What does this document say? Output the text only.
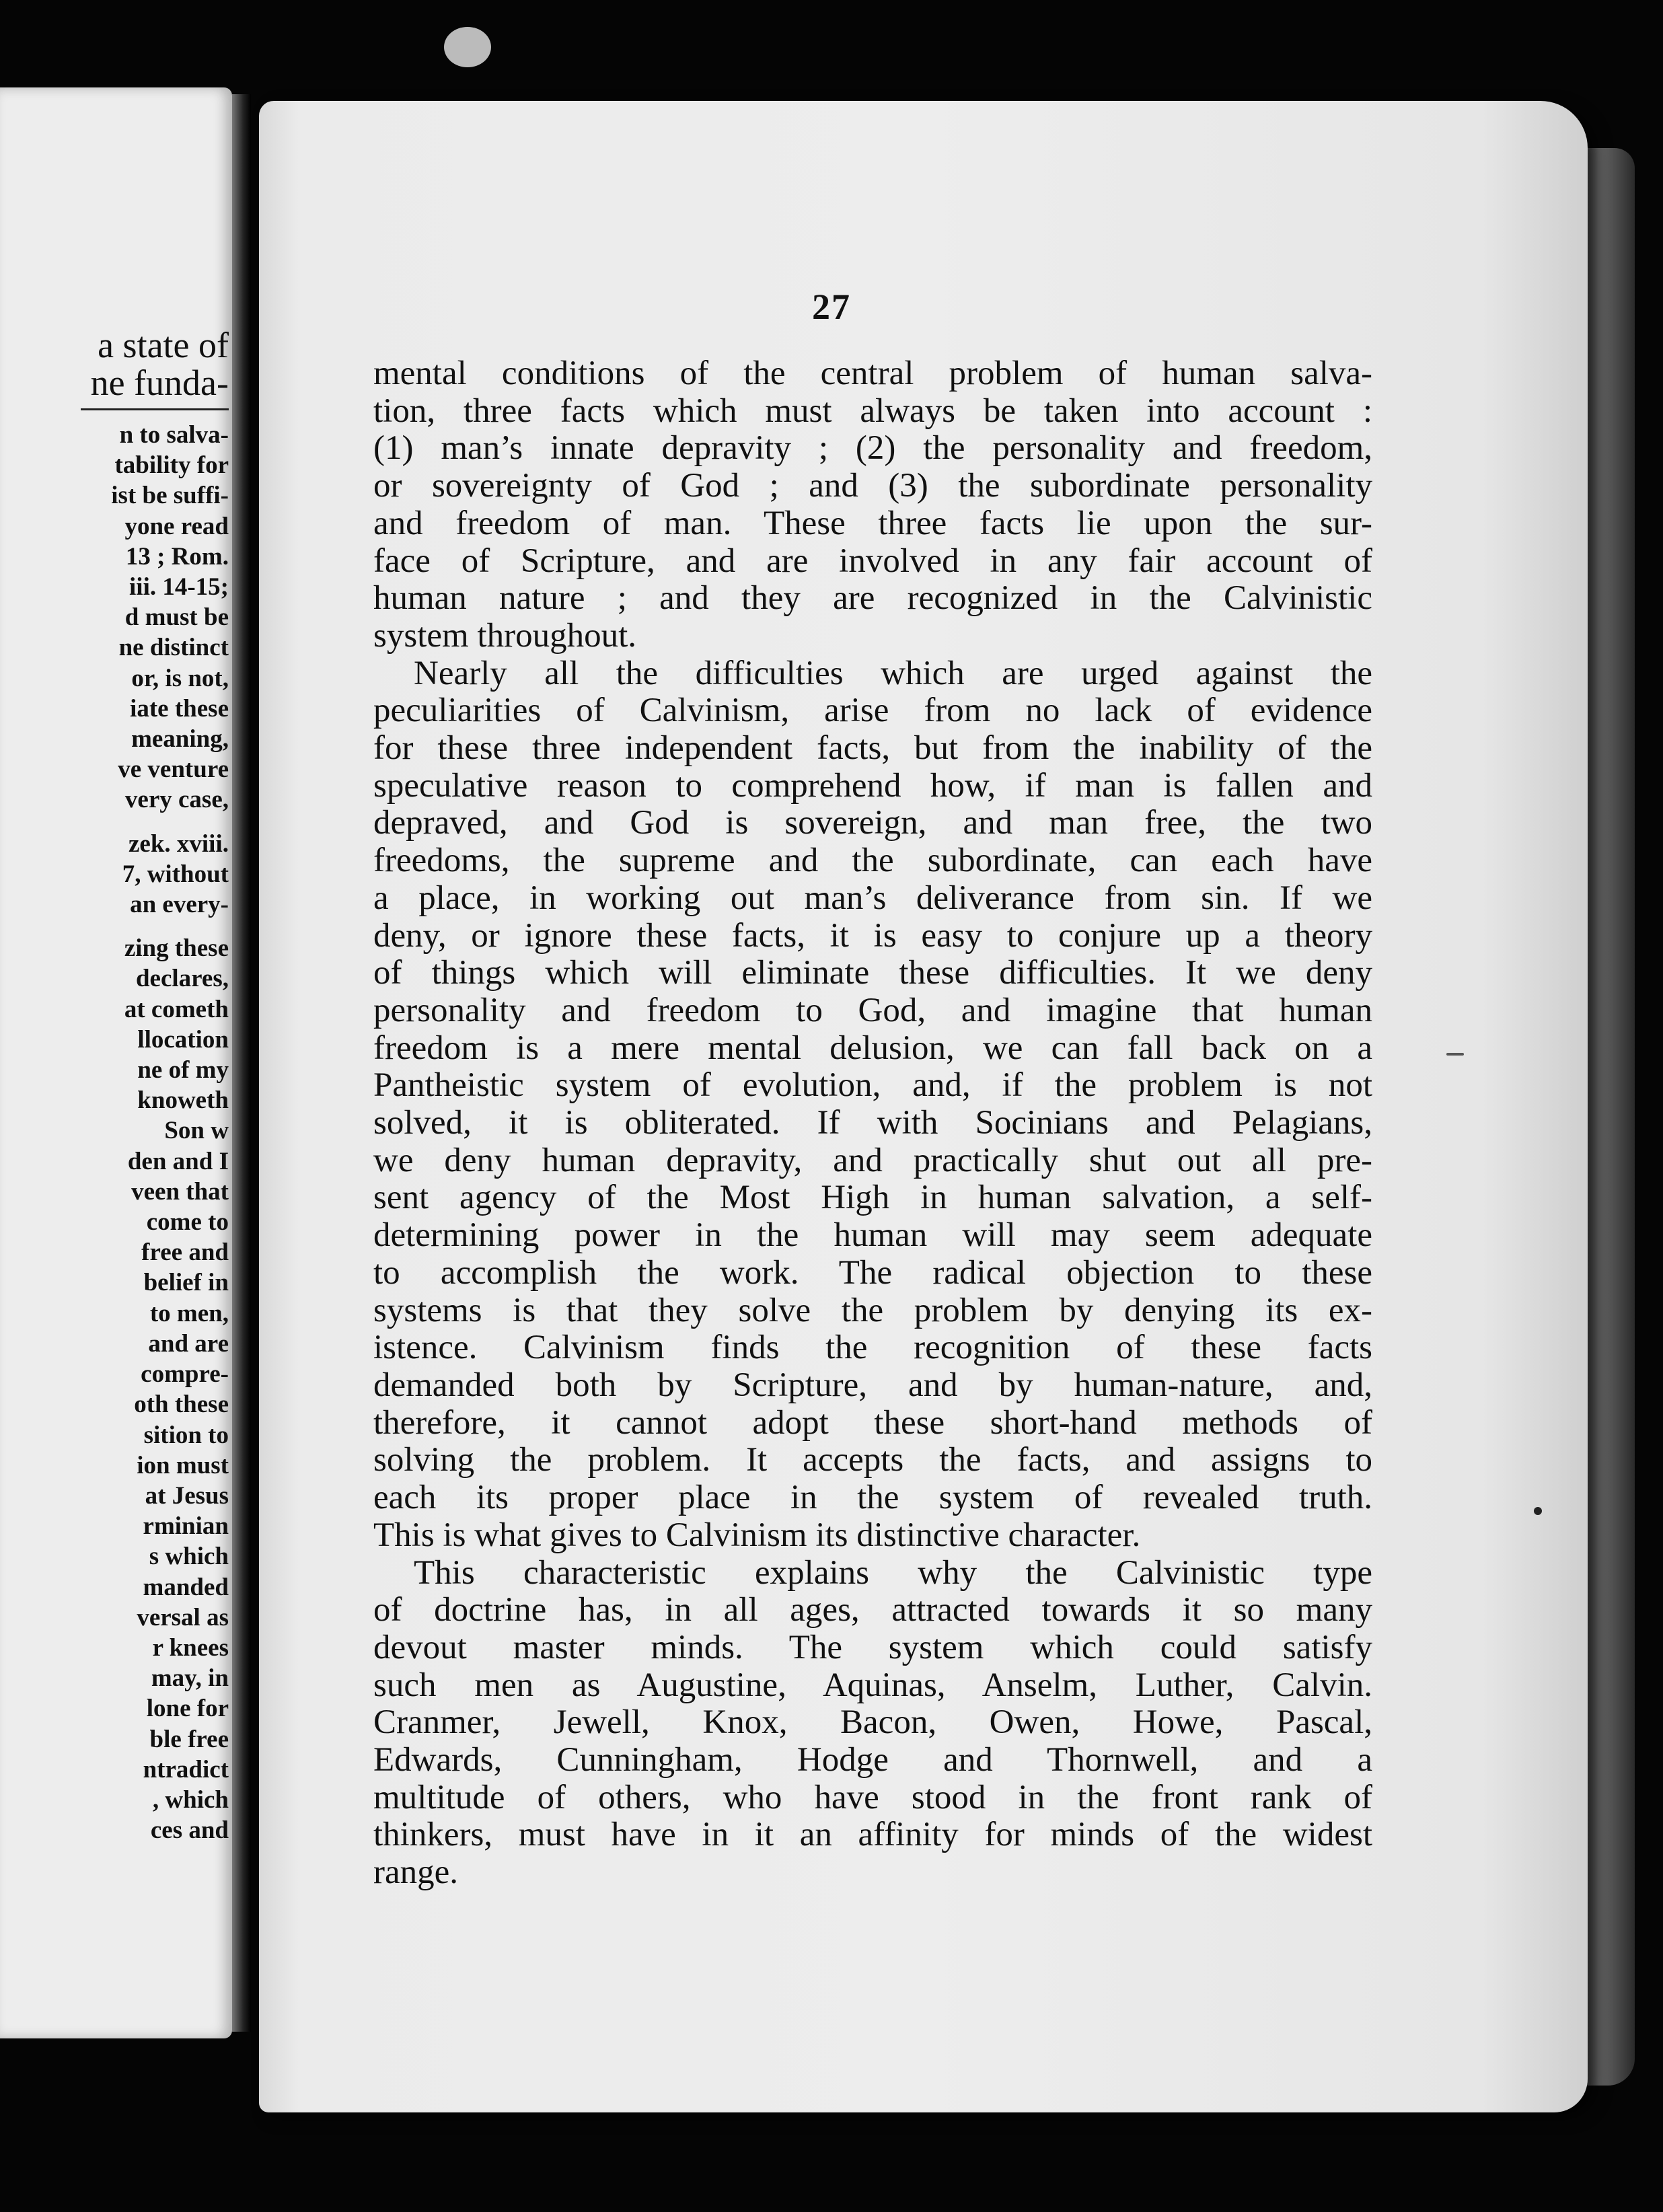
a state of
ne funda-
n to salva-
tability for
ist be suffi-
yone read
13 ; Rom.
iii. 14-15;
d must be
ne distinct
or, is not,
iate these
meaning,
ve venture
very case,
zek. xviii.
7, without
an every-
zing these
declares,
at cometh
llocation
ne of my
knoweth
Son w
den and I
veen that
come to
free and
belief in
to men,
and are
compre-
oth these
sition to
ion must
at Jesus
rminian
s which
manded
versal as
r knees
may, in
lone for
ble free
ntradict
, which
ces and
27
mental conditions of the central problem of human salva-
tion, three facts which must always be taken into account :
(1) man’s innate depravity ; (2) the personality and freedom,
or sovereignty of God ; and (3) the subordinate personality
and freedom of man. These three facts lie upon the sur-
face of Scripture, and are involved in any fair account of
human nature ; and they are recognized in the Calvinistic
system throughout.
Nearly all the difficulties which are urged against the
peculiarities of Calvinism, arise from no lack of evidence
for these three independent facts, but from the inability of the
speculative reason to comprehend how, if man is fallen and
depraved, and God is sovereign, and man free, the two
freedoms, the supreme and the subordinate, can each have
a place, in working out man’s deliverance from sin. If we
deny, or ignore these facts, it is easy to conjure up a theory
of things which will eliminate these difficulties. It we deny
personality and freedom to God, and imagine that human
freedom is a mere mental delusion, we can fall back on a
Pantheistic system of evolution, and, if the problem is not
solved, it is obliterated. If with Socinians and Pelagians,
we deny human depravity, and practically shut out all pre-
sent agency of the Most High in human salvation, a self-
determining power in the human will may seem adequate
to accomplish the work. The radical objection to these
systems is that they solve the problem by denying its ex-
istence. Calvinism finds the recognition of these facts
demanded both by Scripture, and by human-nature, and,
therefore, it cannot adopt these short-hand methods of
solving the problem. It accepts the facts, and assigns to
each its proper place in the system of revealed truth.
This is what gives to Calvinism its distinctive character.
This characteristic explains why the Calvinistic type
of doctrine has, in all ages, attracted towards it so many
devout master minds. The system which could satisfy
such men as Augustine, Aquinas, Anselm, Luther, Calvin.
Cranmer, Jewell, Knox, Bacon, Owen, Howe, Pascal,
Edwards, Cunningham, Hodge and Thornwell, and a
multitude of others, who have stood in the front rank of
thinkers, must have in it an affinity for minds of the widest
range.
